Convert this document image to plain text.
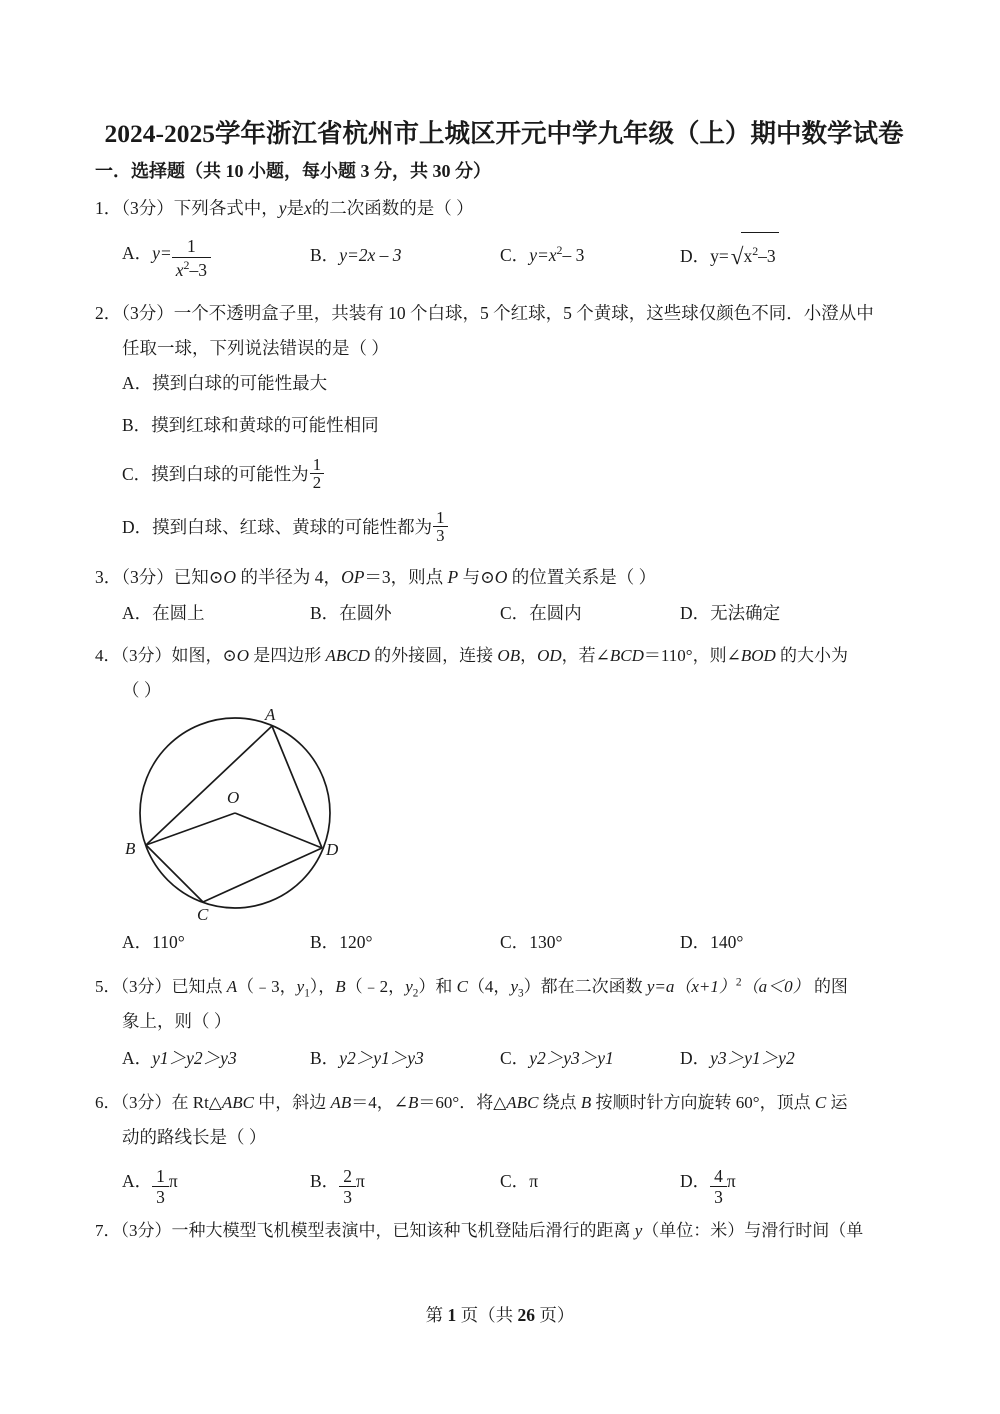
2024-2025学年浙江省杭州市上城区开元中学九年级（上）期中数学试卷
一．选择题（共 10 小题，每小题 3 分，共 30 分）
1．（3分）下列各式中，y是x的二次函数的是（ ）
A．$y= \frac{1}{x^2-3}$	B．y=2x – 3	C．$y=x^2-$ 3	D．$y=√x^2-3$
2．（3分）一个不透明盒子里，共装有 10 个白球，5 个红球，5 个黄球，这些球仅颜色不同．小澄从中
任取一球，下列说法错误的是（ ）
A．摸到白球的可能性最大
B．摸到红球和黄球的可能性相同
C．摸到白球的可能性为 $\frac{1}{2}$
D．摸到白球、红球、黄球的可能性都为 $\frac{1}{3}$
3．（3分）已知⊙O 的半径为 4，OP＝3，则点 P 与⊙O 的位置关系是（ ）
A．在圆上	B．在圆外	C．在圆内	D．无法确定
4．（3分）如图，⊙O 是四边形 ABCD 的外接圆，连接 OB，OD，若∠BCD＝110°，则∠BOD 的大小为
（ ）
A
B
C
D
O
A．110°	B．120°	C．130°	D．140°
5．（3分）已知点 A（﹣3，$y_1$），B（﹣2，$y_2$）和 C（4，$y_3$）都在二次函数 $y=a(x+1)^2(a<0)$ 的图
象上，则（ ）
A．y1＞y2＞y3	B．y2＞y1＞y3	C．y2＞y3＞y1	D．y3＞y1＞y2
6．（3分）在 Rt△ABC 中，斜边 AB＝4，∠B＝60°．将△ABC 绕点 B 按顺时针方向旋转 60°，顶点 C 运
动的路线长是（ ）
A． $\frac{1}{3}$ π	B． $\frac{2}{3}$ π	C．π	D． $\frac{4}{3}$ π
7．（3分）一种大模型飞机模型表演中，已知该种飞机登陆后滑行的距离 y（单位：米）与滑行时间（单
第 1 页（共 26 页）
